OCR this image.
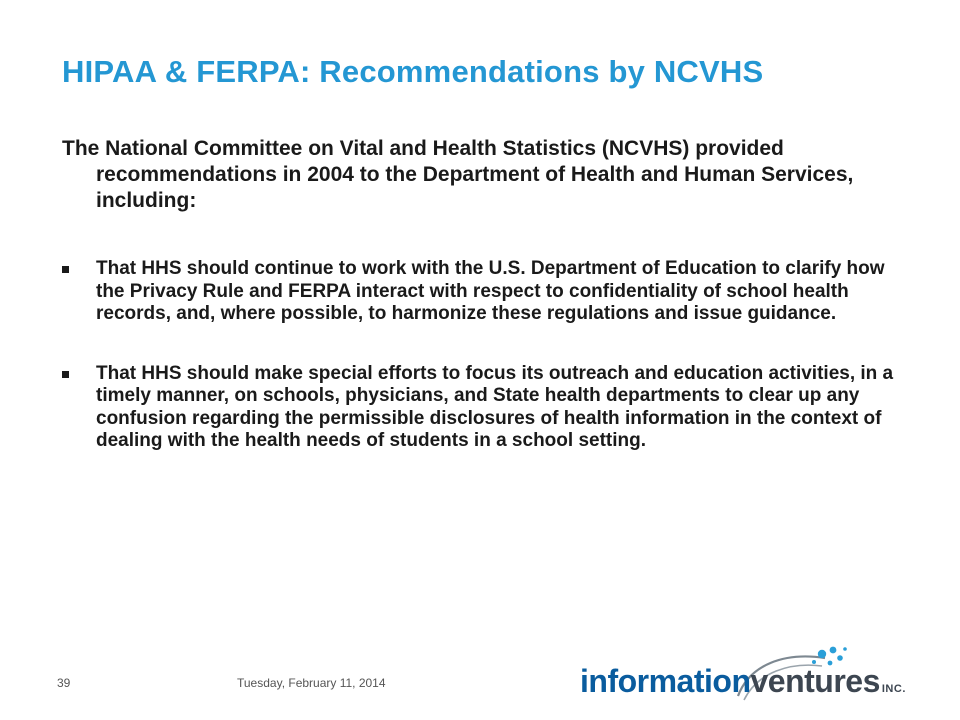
HIPAA & FERPA: Recommendations by NCVHS

The National Committee on Vital and Health Statistics (NCVHS) provided recommendations in 2004 to the Department of Health and Human Services, including:

That HHS should continue to work with the U.S. Department of Education to clarify how the Privacy Rule and FERPA interact with respect to confidentiality of school health records, and, where possible, to harmonize these regulations and issue guidance.
That HHS should make special efforts to focus its outreach and education activities, in a timely manner, on schools, physicians, and State health departments to clear up any confusion regarding the permissible disclosures of health information in the context of dealing with the health needs of students in a school setting.
39	Tuesday, February 11, 2014	informationventures INC.
